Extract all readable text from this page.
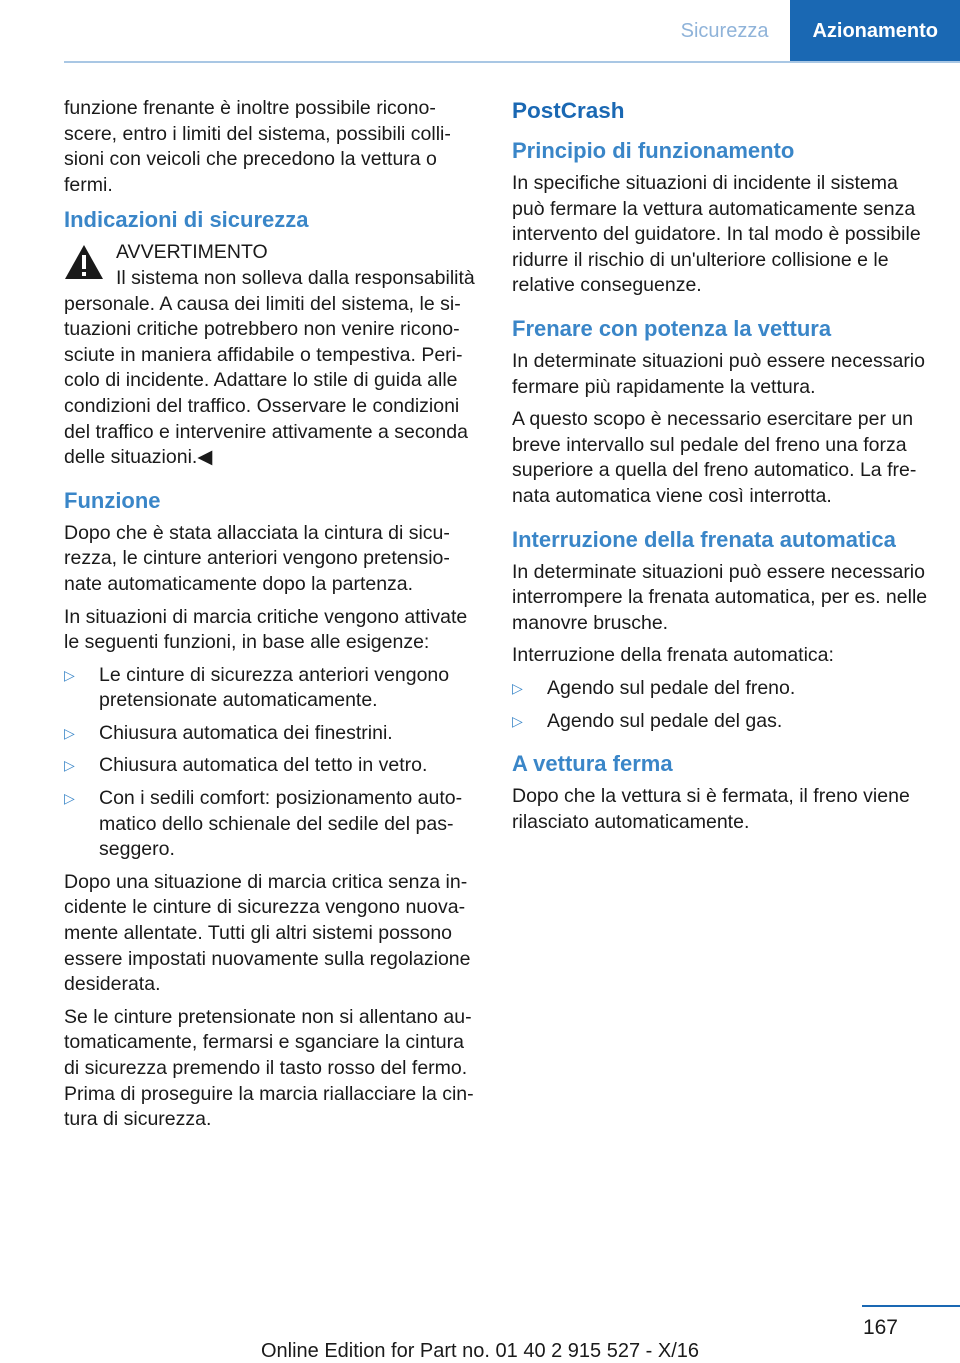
Sicurezza	Azionamento

funzione frenante è inoltre possibile riconoscere, entro i limiti del sistema, possibili collisioni con veicoli che precedono la vettura o fermi.

Indicazioni di sicurezza
AVVERTIMENTO
Il sistema non solleva dalla responsabilità
personale. A causa dei limiti del sistema, le situazioni critiche potrebbero non venire riconosciute in maniera affidabile o tempestiva. Pericolo di incidente. Adattare lo stile di guida alle condizioni del traffico. Osservare le condizioni del traffico e intervenire attivamente a seconda delle situazioni.◀
Funzione

Dopo che è stata allacciata la cintura di sicurezza, le cinture anteriori vengono pretensionate automaticamente dopo la partenza.

In situazioni di marcia critiche vengono attivate le seguenti funzioni, in base alle esigenze:

▷ Le cinture di sicurezza anteriori vengono pretensionate automaticamente.
▷ Chiusura automatica dei finestrini.
▷ Chiusura automatica del tetto in vetro.
▷ Con i sedili comfort: posizionamento automatico dello schienale del sedile del passeggero.

Dopo una situazione di marcia critica senza incidente le cinture di sicurezza vengono nuovamente allentate. Tutti gli altri sistemi possono essere impostati nuovamente sulla regolazione desiderata.

Se le cinture pretensionate non si allentano automaticamente, fermarsi e sganciare la cintura di sicurezza premendo il tasto rosso del fermo. Prima di proseguire la marcia riallacciare la cintura di sicurezza.

PostCrash
Principio di funzionamento

In specifiche situazioni di incidente il sistema può fermare la vettura automaticamente senza intervento del guidatore. In tal modo è possibile ridurre il rischio di un'ulteriore collisione e le relative conseguenze.

Frenare con potenza la vettura

In determinate situazioni può essere necessario fermare più rapidamente la vettura.

A questo scopo è necessario esercitare per un breve intervallo sul pedale del freno una forza superiore a quella del freno automatico. La frenata automatica viene così interrotta.

Interruzione della frenata automatica

In determinate situazioni può essere necessario interrompere la frenata automatica, per es. nelle manovre brusche.

Interruzione della frenata automatica:

▷ Agendo sul pedale del freno.
▷ Agendo sul pedale del gas.
A vettura ferma

Dopo che la vettura si è fermata, il freno viene rilasciato automaticamente.

167
Online Edition for Part no. 01 40 2 915 527 - X/16
